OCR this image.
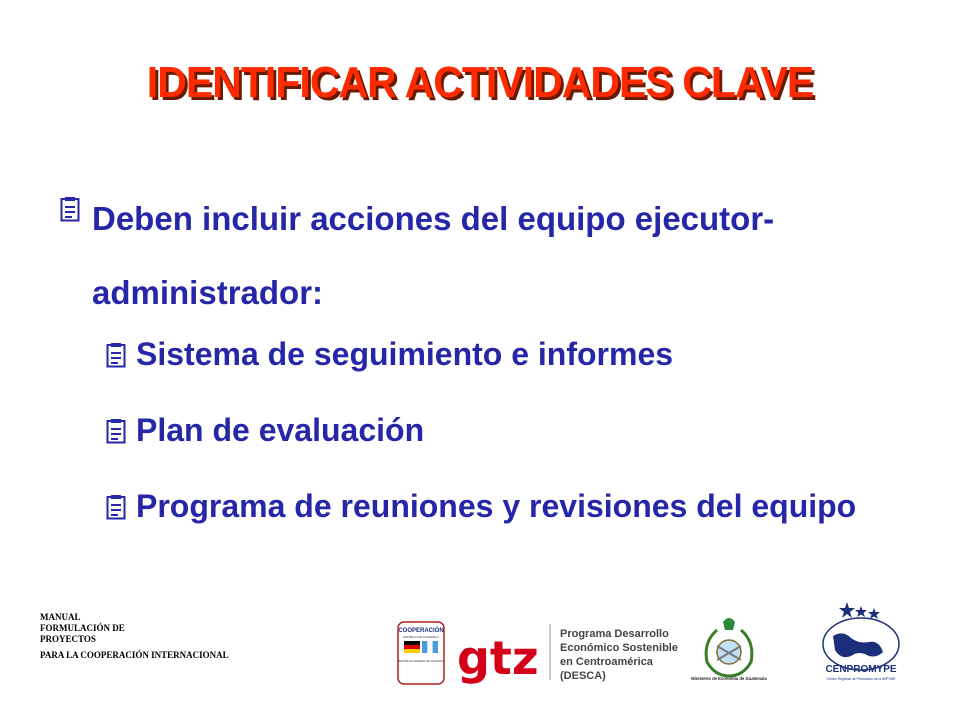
IDENTIFICAR ACTIVIDADES CLAVE
Deben incluir acciones del equipo ejecutor-
administrador:
Sistema de seguimiento e informes
Plan de evaluación
Programa de reuniones y revisiones del equipo
MANUAL
FORMULACIÓN DE
PROYECTOS
PARA LA COOPERACIÓN INTERNACIONAL
COOPERACIÓN
REPÚBLICA DE GUATEMALA
REPÚBLICA FEDERAL DE ALEMANIA gtz Programa Desarrollo
Económico Sostenible
en Centroamérica
(DESCA)	Ministerio de Economía de Guatemala
CENPROMYPE
Centro Regional de Promoción de la MIPYME
